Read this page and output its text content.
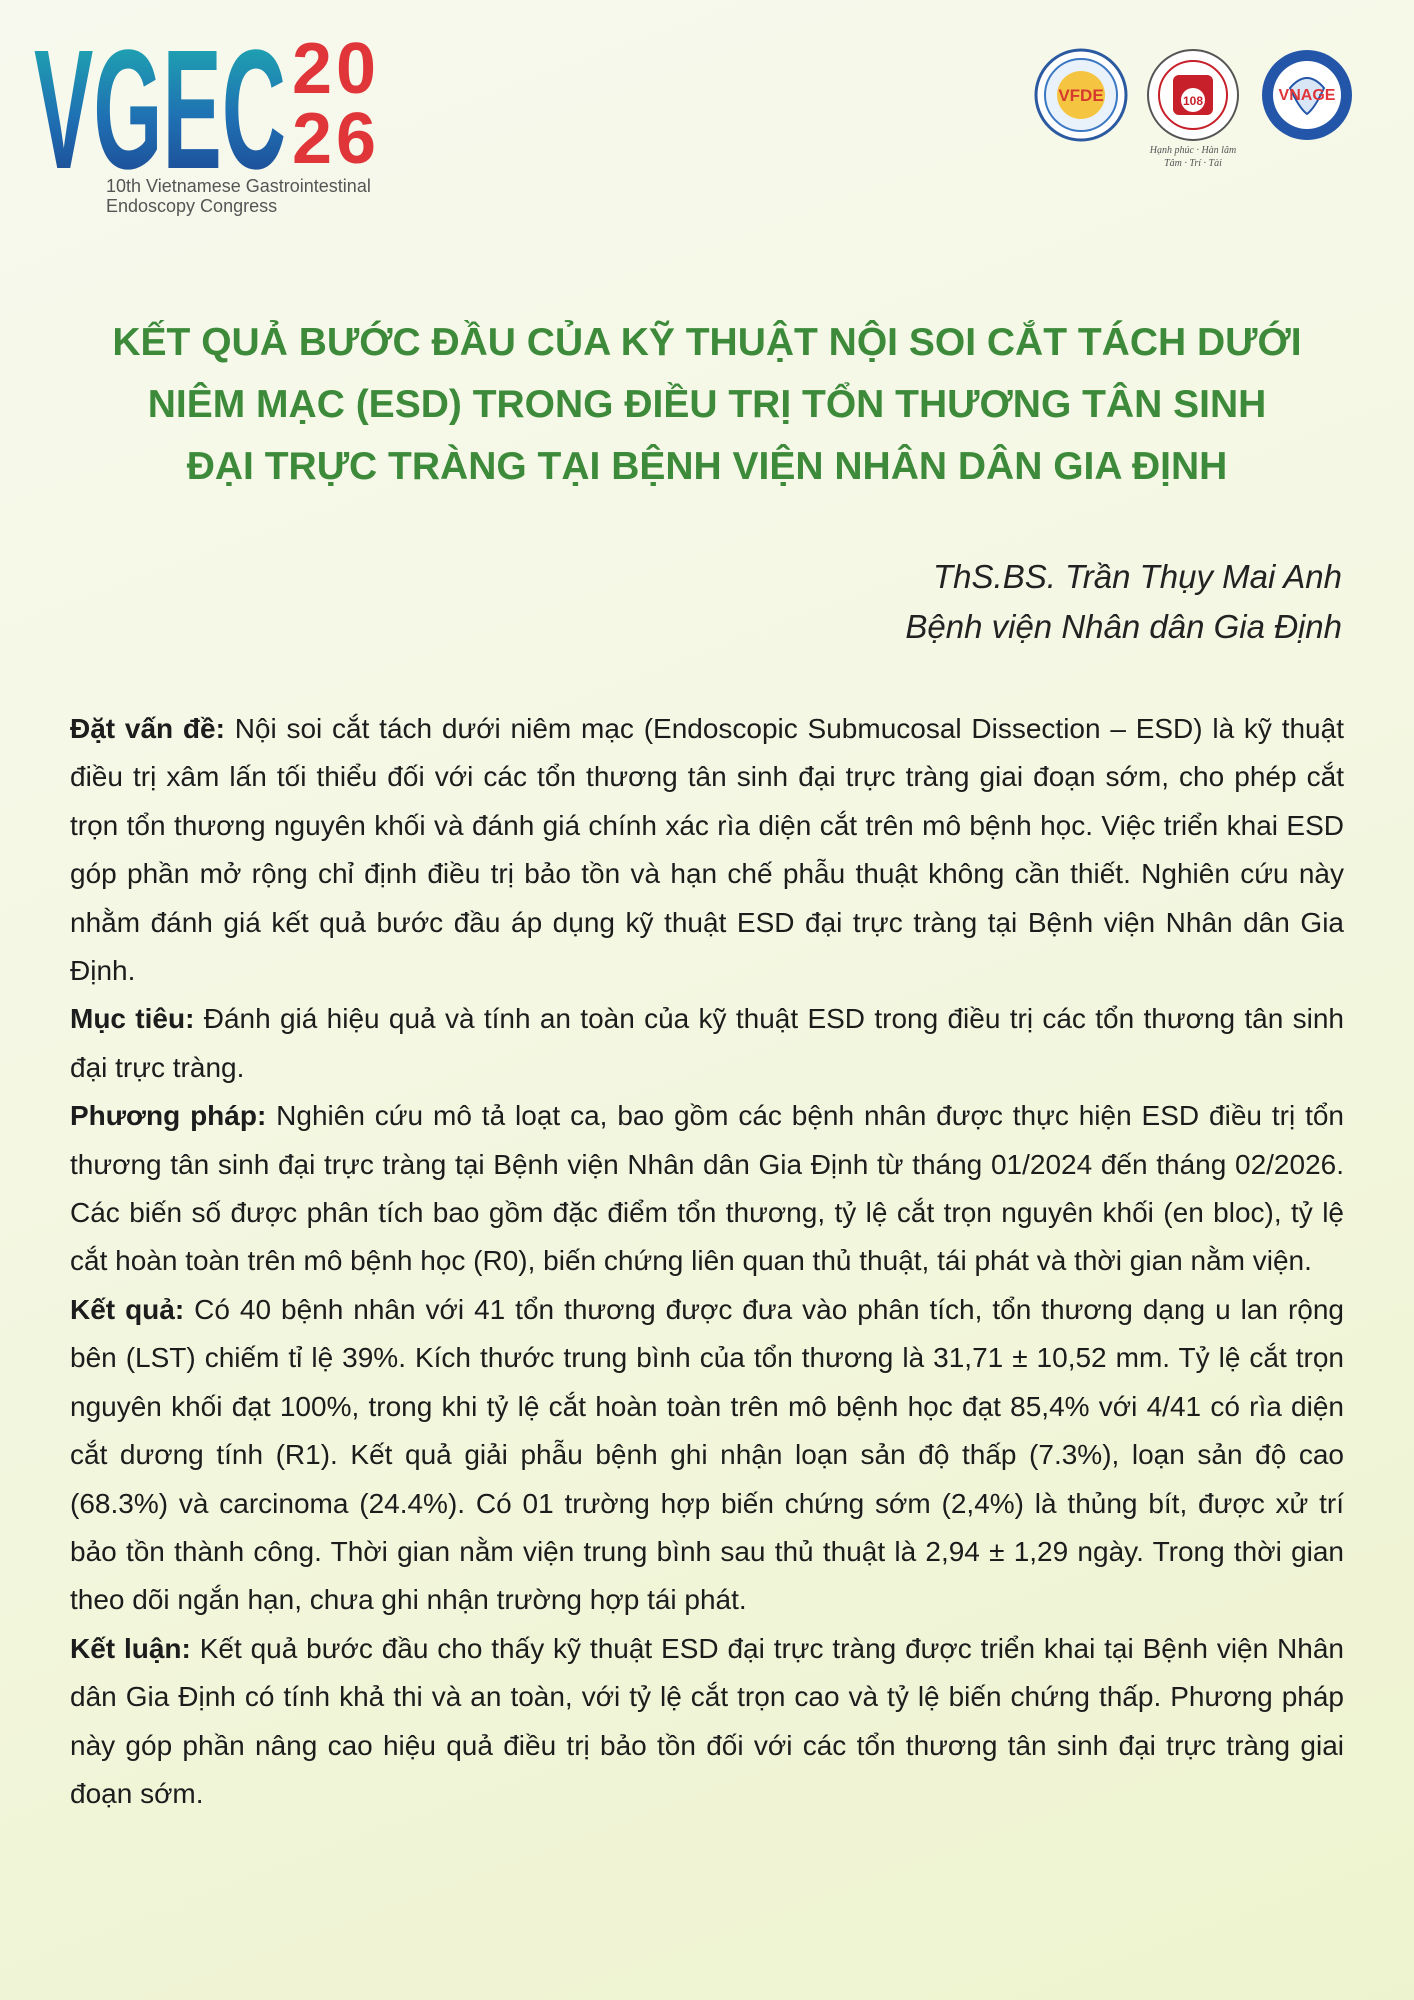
VGEC 20
26
10th Vietnamese Gastrointestinal
Endoscopy Congress
VFDE	108
Hạnh phúc · Hàn lâm
Tâm · Trí · Tài
VNAGE
KẾT QUẢ BƯỚC ĐẦU CỦA KỸ THUẬT NỘI SOI CẮT TÁCH DƯỚI
NIÊM MẠC (ESD) TRONG ĐIỀU TRỊ TỔN THƯƠNG TÂN SINH
ĐẠI TRỰC TRÀNG TẠI BỆNH VIỆN NHÂN DÂN GIA ĐỊNH
ThS.BS. Trần Thụy Mai Anh
Bệnh viện Nhân dân Gia Định

Đặt vấn đề: Nội soi cắt tách dưới niêm mạc (Endoscopic Submucosal Dissection – ESD) là kỹ thuật điều trị xâm lấn tối thiểu đối với các tổn thương tân sinh đại trực tràng giai đoạn sớm, cho phép cắt trọn tổn thương nguyên khối và đánh giá chính xác rìa diện cắt trên mô bệnh học. Việc triển khai ESD góp phần mở rộng chỉ định điều trị bảo tồn và hạn chế phẫu thuật không cần thiết. Nghiên cứu này nhằm đánh giá kết quả bước đầu áp dụng kỹ thuật ESD đại trực tràng tại Bệnh viện Nhân dân Gia Định.

Mục tiêu: Đánh giá hiệu quả và tính an toàn của kỹ thuật ESD trong điều trị các tổn thương tân sinh đại trực tràng.

Phương pháp: Nghiên cứu mô tả loạt ca, bao gồm các bệnh nhân được thực hiện ESD điều trị tổn thương tân sinh đại trực tràng tại Bệnh viện Nhân dân Gia Định từ tháng 01/2024 đến tháng 02/2026. Các biến số được phân tích bao gồm đặc điểm tổn thương, tỷ lệ cắt trọn nguyên khối (en bloc), tỷ lệ cắt hoàn toàn trên mô bệnh học (R0), biến chứng liên quan thủ thuật, tái phát và thời gian nằm viện.

Kết quả: Có 40 bệnh nhân với 41 tổn thương được đưa vào phân tích, tổn thương dạng u lan rộng bên (LST) chiếm tỉ lệ 39%. Kích thước trung bình của tổn thương là 31,71 ± 10,52 mm. Tỷ lệ cắt trọn nguyên khối đạt 100%, trong khi tỷ lệ cắt hoàn toàn trên mô bệnh học đạt 85,4% với 4/41 có rìa diện cắt dương tính (R1). Kết quả giải phẫu bệnh ghi nhận loạn sản độ thấp (7.3%), loạn sản độ cao (68.3%) và carcinoma (24.4%). Có 01 trường hợp biến chứng sớm (2,4%) là thủng bít, được xử trí bảo tồn thành công. Thời gian nằm viện trung bình sau thủ thuật là 2,94 ± 1,29 ngày. Trong thời gian theo dõi ngắn hạn, chưa ghi nhận trường hợp tái phát.

Kết luận: Kết quả bước đầu cho thấy kỹ thuật ESD đại trực tràng được triển khai tại Bệnh viện Nhân dân Gia Định có tính khả thi và an toàn, với tỷ lệ cắt trọn cao và tỷ lệ biến chứng thấp. Phương pháp này góp phần nâng cao hiệu quả điều trị bảo tồn đối với các tổn thương tân sinh đại trực tràng giai đoạn sớm.
